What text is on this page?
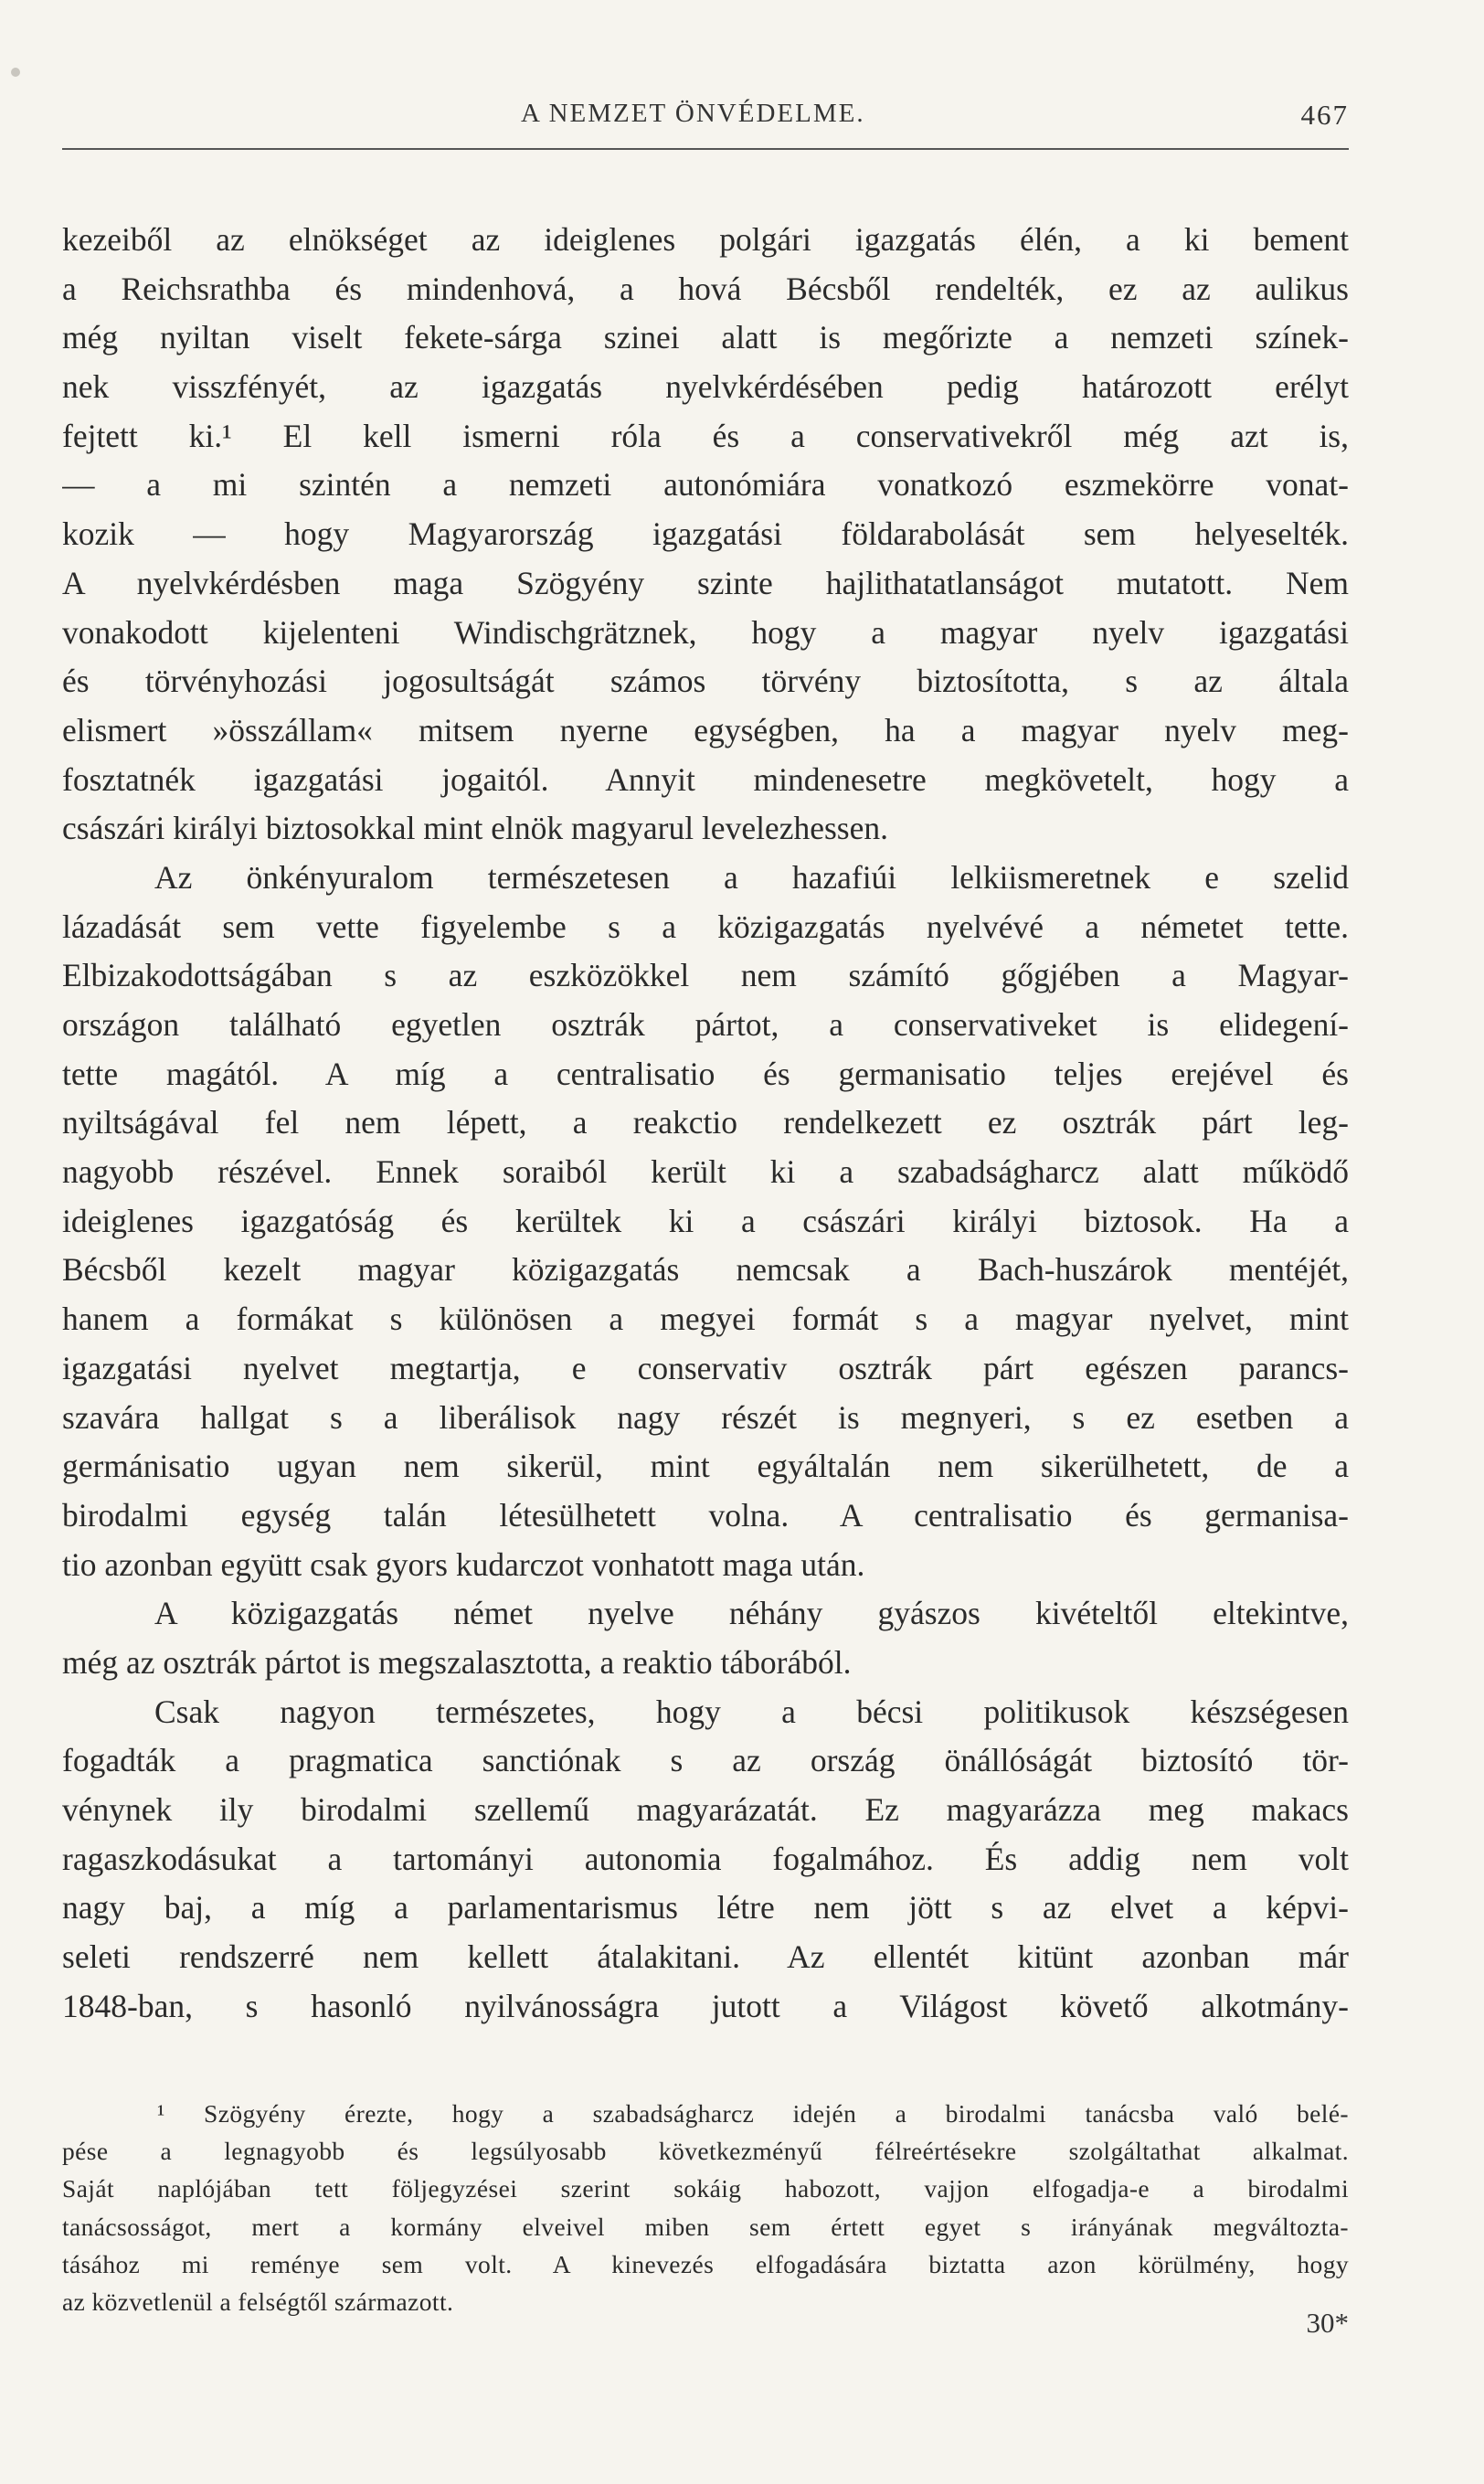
A NEMZET ÖNVÉDELME.	467
kezeiből az elnökséget az ideiglenes polgári igazgatás élén, a ki bement
a Reichsrathba és mindenhová, a hová Bécsből rendelték, ez az aulikus
még nyiltan viselt fekete-sárga szinei alatt is megőrizte a nemzeti színek-
nek visszfényét, az igazgatás nyelvkérdésében pedig határozott erélyt
fejtett ki.¹ El kell ismerni róla és a conservativekről még azt is,
— a mi szintén a nemzeti autonómiára vonatkozó eszmekörre vonat-
kozik — hogy Magyarország igazgatási földarabolását sem helyeselték.
A nyelvkérdésben maga Szögyény szinte hajlithatatlanságot mutatott. Nem
vonakodott kijelenteni Windischgrätznek, hogy a magyar nyelv igazgatási
és törvényhozási jogosultságát számos törvény biztosította, s az általa
elismert »összállam« mitsem nyerne egységben, ha a magyar nyelv meg-
fosztatnék igazgatási jogaitól. Annyit mindenesetre megkövetelt, hogy a
császári királyi biztosokkal mint elnök magyarul levelezhessen.
Az önkényuralom természetesen a hazafiúi lelkiismeretnek e szelid
lázadását sem vette figyelembe s a közigazgatás nyelvévé a németet tette.
Elbizakodottságában s az eszközökkel nem számító gőgjében a Magyar-
országon található egyetlen osztrák pártot, a conservativeket is elidegení-
tette magától. A míg a centralisatio és germanisatio teljes erejével és
nyiltságával fel nem lépett, a reakctio rendelkezett ez osztrák párt leg-
nagyobb részével. Ennek soraiból került ki a szabadságharcz alatt működő
ideiglenes igazgatóság és kerültek ki a császári királyi biztosok. Ha a
Bécsből kezelt magyar közigazgatás nemcsak a Bach-huszárok mentéjét,
hanem a formákat s különösen a megyei formát s a magyar nyelvet, mint
igazgatási nyelvet megtartja, e conservativ osztrák párt egészen parancs-
szavára hallgat s a liberálisok nagy részét is megnyeri, s ez esetben a
germánisatio ugyan nem sikerül, mint egyáltalán nem sikerülhetett, de a
birodalmi egység talán létesülhetett volna. A centralisatio és germanisa-
tio azonban együtt csak gyors kudarczot vonhatott maga után.
A közigazgatás német nyelve néhány gyászos kivételtől eltekintve,
még az osztrák pártot is megszalasztotta, a reaktio táborából.
Csak nagyon természetes, hogy a bécsi politikusok készségesen
fogadták a pragmatica sanctiónak s az ország önállóságát biztosító tör-
vénynek ily birodalmi szellemű magyarázatát. Ez magyarázza meg makacs
ragaszkodásukat a tartományi autonomia fogalmához. És addig nem volt
nagy baj, a míg a parlamentarismus létre nem jött s az elvet a képvi-
seleti rendszerré nem kellett átalakitani. Az ellentét kitünt azonban már
1848-ban, s hasonló nyilvánosságra jutott a Világost követő alkotmány-
¹ Szögyény érezte, hogy a szabadságharcz idején a birodalmi tanácsba való belé-
pése a legnagyobb és legsúlyosabb következményű félreértésekre szolgáltathat alkalmat.
Saját naplójában tett följegyzései szerint sokáig habozott, vajjon elfogadja-e a birodalmi
tanácsosságot, mert a kormány elveivel miben sem értett egyet s irányának megváltozta-
tásához mi reménye sem volt. A kinevezés elfogadására biztatta azon körülmény, hogy
az közvetlenül a felségtől származott.
30*
